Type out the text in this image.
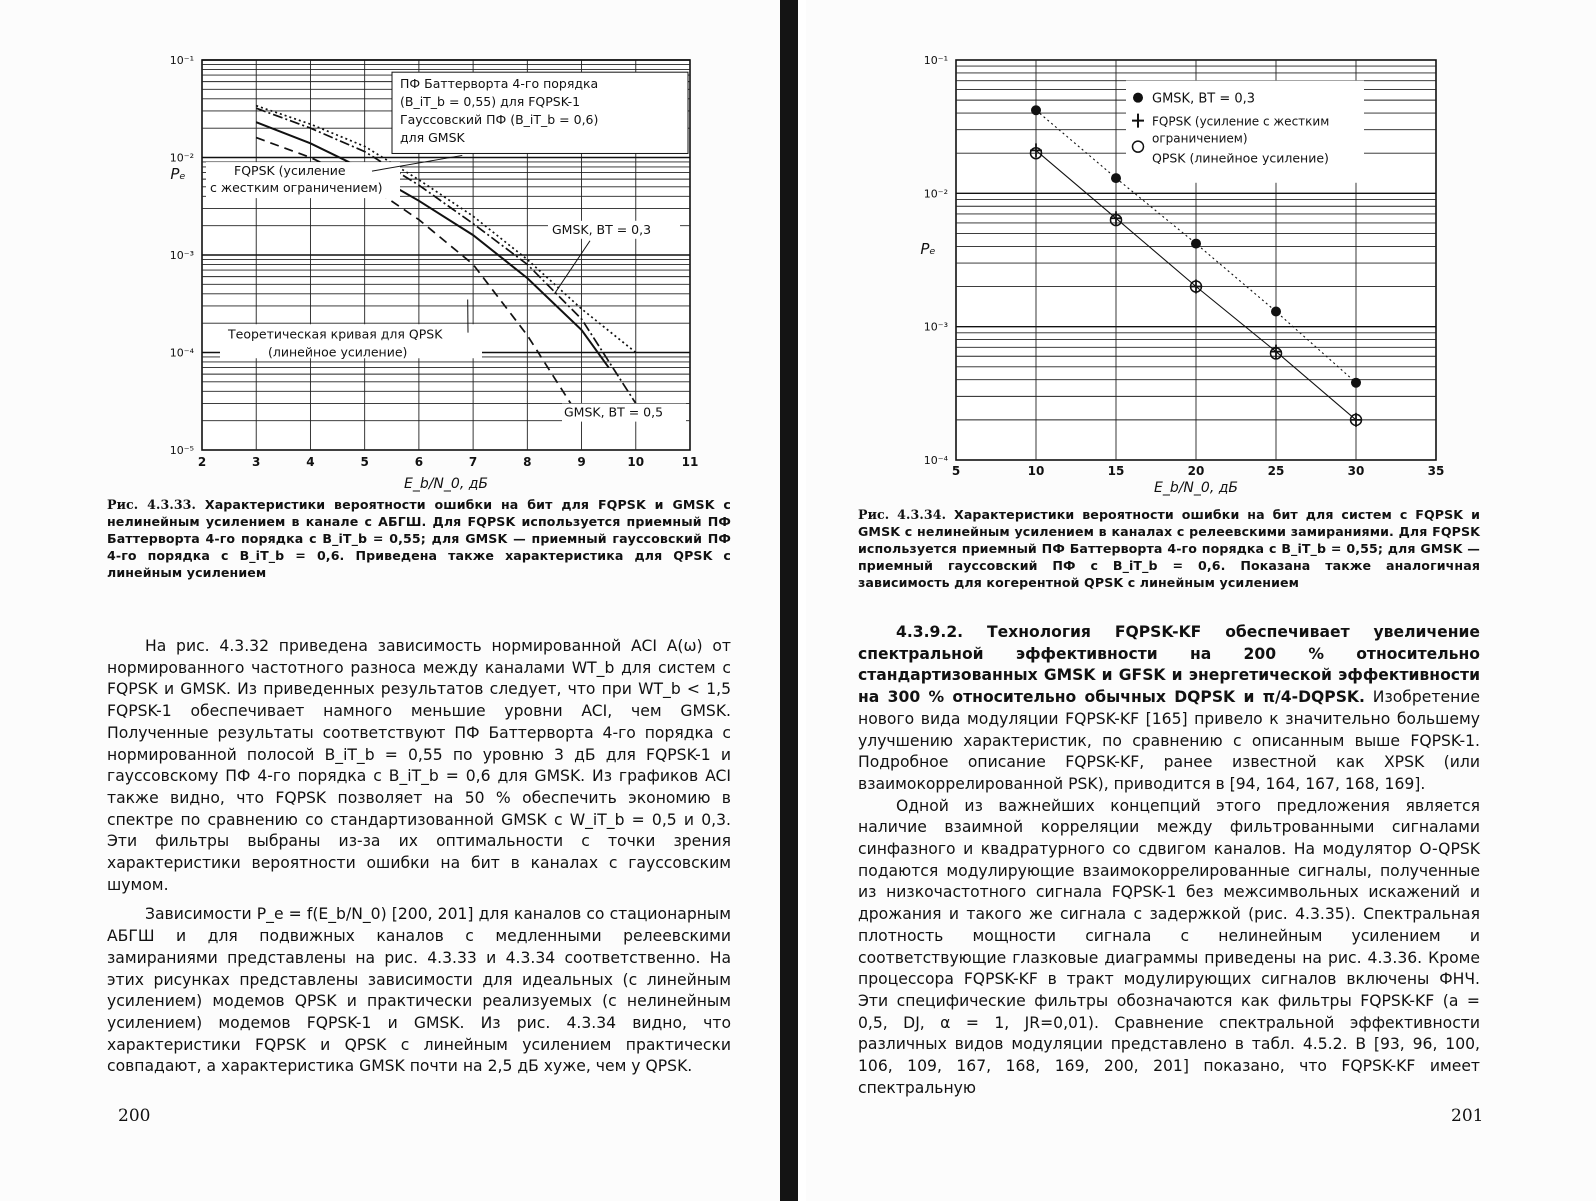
10⁻¹
10⁻²
10⁻³
10⁻⁴
10⁻⁵
2	3	4	5	6	7	8	9	10	11
Pₑ
E_b/N_0, дБ
ПФ Баттерворта 4-го порядка
(B_iT_b = 0,55) для FQPSK-1
Гауссовский ПФ (B_iT_b = 0,6)
для GMSK
FQPSK (усиление
с жестким ограничением)
GMSK, BT = 0,3
Теоретическая кривая для QPSK
(линейное усиление)
GMSK, BT = 0,5
Рис. 4.3.33. Характеристики вероятности ошибки на бит для FQPSK и GMSK с нелинейным усилением в канале с АБГШ. Для FQPSK используется приемный ПФ Баттерворта 4-го порядка с B_iT_b = 0,55; для GMSK — приемный гауссовский ПФ 4-го порядка с B_iT_b = 0,6. Приведена также характеристика для QPSK с линейным усилением

На рис. 4.3.32 приведена зависимость нормированной ACI A(ω) от нормированного частотного разноса между каналами WT_b для систем с FQPSK и GMSK. Из приведенных результатов следует, что при WT_b < 1,5 FQPSK-1 обеспечивает намного меньшие уровни ACI, чем GMSK. Полученные результаты соответствуют ПФ Баттерворта 4-го порядка с нормированной полосой B_iT_b = 0,55 по уровню 3 дБ для FQPSK-1 и гауссовскому ПФ 4-го порядка с B_iT_b = 0,6 для GMSK. Из графиков ACI также видно, что FQPSK позволяет на 50 % обеспечить экономию в спектре по сравнению со стандартизованной GMSK с W_iT_b = 0,5 и 0,3. Эти фильтры выбраны из-за их оптимальности с точки зрения характеристики вероятности ошибки на бит в каналах с гауссовским шумом.

Зависимости P_e = f(E_b/N_0) [200, 201] для каналов со стационарным АБГШ и для подвижных каналов с медленными релеевскими замираниями представлены на рис. 4.3.33 и 4.3.34 соответственно. На этих рисунках представлены зависимости для идеальных (с линейным усилением) модемов QPSK и практически реализуемых (с нелинейным усилением) модемов FQPSK-1 и GMSK. Из рис. 4.3.34 видно, что характеристики FQPSK и QPSK с линейным усилением практически совпадают, а характеристика GMSK почти на 2,5 дБ хуже, чем у QPSK.

200
10⁻¹
10⁻²
10⁻³
10⁻⁴
5	10	15	20	25	30	35
Pₑ
E_b/N_0, дБ
GMSK, BT = 0,3
FQPSK (усиление с жестким
ограничением)
QPSK (линейное усиление)
Рис. 4.3.34. Характеристики вероятности ошибки на бит для систем с FQPSK и GMSK с нелинейным усилением в каналах с релеевскими замираниями. Для FQPSK используется приемный ПФ Баттерворта 4-го порядка с B_iT_b = 0,55; для GMSK — приемный гауссовский ПФ с B_iT_b = 0,6. Показана также аналогичная зависимость для когерентной QPSK с линейным усилением

4.3.9.2. Технология FQPSK-KF обеспечивает увеличение спектральной эффективности на 200 % относительно стандартизованных GMSK и GFSK и энергетической эффективности на 300 % относительно обычных DQPSK и π/4-DQPSK. Изобретение нового вида модуляции FQPSK-KF [165] привело к значительно большему улучшению характеристик, по сравнению с описанным выше FQPSK-1. Подробное описание FQPSK-KF, ранее известной как XPSK (или взаимокоррелированной PSK), приводится в [94, 164, 167, 168, 169].

Одной из важнейших концепций этого предложения является наличие взаимной корреляции между фильтрованными сигналами синфазного и квадратурного со сдвигом каналов. На модулятор O-QPSK подаются модулирующие взаимокоррелированные сигналы, полученные из низкочастотного сигнала FQPSK-1 без межсимвольных искажений и дрожания и такого же сигнала с задержкой (рис. 4.3.35). Спектральная плотность мощности сигнала с нелинейным усилением и соответствующие глазковые диаграммы приведены на рис. 4.3.36. Кроме процессора FQPSK-KF в тракт модулирующих сигналов включены ФНЧ. Эти специфические фильтры обозначаются как фильтры FQPSK-KF (a = 0,5, DJ, α = 1, JR=0,01). Сравнение спектральной эффективности различных видов модуляции представлено в табл. 4.5.2. В [93, 96, 100, 106, 109, 167, 168, 169, 200, 201] показано, что FQPSK-KF имеет спектральную

201
